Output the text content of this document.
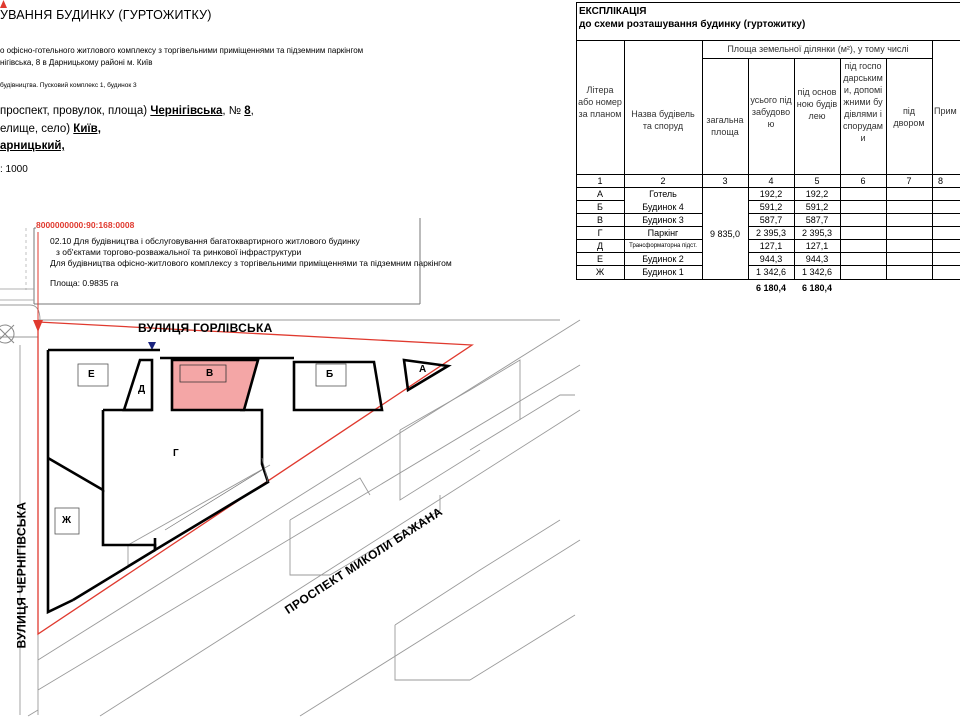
УВАННЯ БУДИНКУ (ГУРТОЖИТКУ)
о офісно-готельного житлового комплексу з торгівельними приміщеннями та підземним паркінгом
нігівська, 8 в Дарницькому районі м. Київ
будівництва. Пусковий комплекс 1, будинок 3
проспект, провулок, площа) Чернігівська, № 8,
елище, село) Київ,
арницький,
: 1000
8000000000:90:168:0008
02.10 Для будівництва і обслуговування багатоквартирного житлового будинку
з об'єктами торгово-розважальної та ринкової інфраструктури
Для будівництва офісно-житлового комплексу з торгівельними приміщеннями та підземним паркінгом
Площа: 0.9835 га
ВУЛИЦЯ ГОРЛІВСЬКА
ВУЛИЦЯ ЧЕРНІГІВСЬКА	ПРОСПЕКТ МИКОЛИ БАЖАНА
Е
Д
В
Г
Б	А
Ж
ЕКСПЛІКАЦІЯ
до схеми розташування будинку (гуртожитку)
Площа земельної ділянки (м²), у тому числі
Літера або номер за планом	Назва будівель та споруд
загальна площа
усього під забудовою
під основною будівлею
під господарськими, допоміжними будівлями і спорудами
під двором
Прим
1	2	3	4	5	6	7	8
9 835,0
А	Готель	192,2	192,2
Б	Будинок 4	591,2	591,2
В	Будинок 3	587,7	587,7
Г	Паркінг	2 395,3	2 395,3
Д	Трансформаторна підст.	127,1	127,1
Е	Будинок 2	944,3	944,3
Ж	Будинок 1	1 342,6	1 342,6
6 180,4	6 180,4
